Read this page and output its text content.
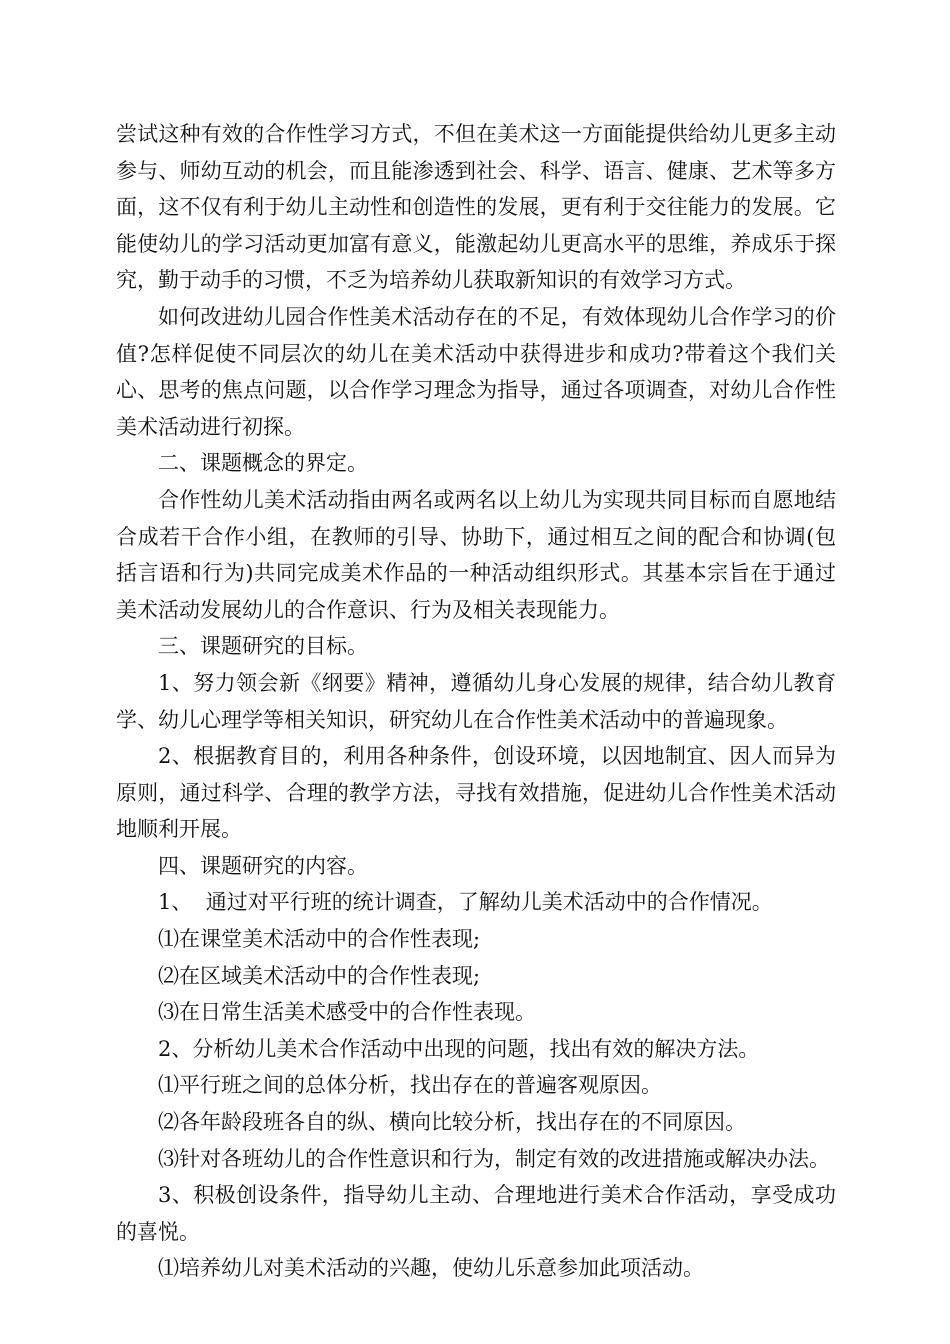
尝试这种有效的合作性学习方式，不但在美术这一方面能提供给幼儿更多主动参与、师幼互动的机会，而且能渗透到社会、科学、语言、健康、艺术等多方面，这不仅有利于幼儿主动性和创造性的发展，更有利于交往能力的发展。它能使幼儿的学习活动更加富有意义，能激起幼儿更高水平的思维，养成乐于探究，勤于动手的习惯，不乏为培养幼儿获取新知识的有效学习方式。

如何改进幼儿园合作性美术活动存在的不足，有效体现幼儿合作学习的价值?怎样促使不同层次的幼儿在美术活动中获得进步和成功?带着这个我们关心、思考的焦点问题，以合作学习理念为指导，通过各项调查，对幼儿合作性美术活动进行初探。

二、课题概念的界定。

合作性幼儿美术活动指由两名或两名以上幼儿为实现共同目标而自愿地结合成若干合作小组，在教师的引导、协助下，通过相互之间的配合和协调(包括言语和行为)共同完成美术作品的一种活动组织形式。其基本宗旨在于通过美术活动发展幼儿的合作意识、行为及相关表现能力。

三、课题研究的目标。

1、努力领会新《纲要》精神，遵循幼儿身心发展的规律，结合幼儿教育学、幼儿心理学等相关知识，研究幼儿在合作性美术活动中的普遍现象。

2、根据教育目的，利用各种条件，创设环境，以因地制宜、因人而异为原则，通过科学、合理的教学方法，寻找有效措施，促进幼儿合作性美术活动地顺利开展。

四、课题研究的内容。

1、  通过对平行班的统计调查，了解幼儿美术活动中的合作情况。

⑴在课堂美术活动中的合作性表现;

⑵在区域美术活动中的合作性表现;

⑶在日常生活美术感受中的合作性表现。

2、分析幼儿美术合作活动中出现的问题，找出有效的解决方法。

⑴平行班之间的总体分析，找出存在的普遍客观原因。

⑵各年龄段班各自的纵、横向比较分析，找出存在的不同原因。

⑶针对各班幼儿的合作性意识和行为，制定有效的改进措施或解决办法。

3、积极创设条件，指导幼儿主动、合理地进行美术合作活动，享受成功的喜悦。

⑴培养幼儿对美术活动的兴趣，使幼儿乐意参加此项活动。
